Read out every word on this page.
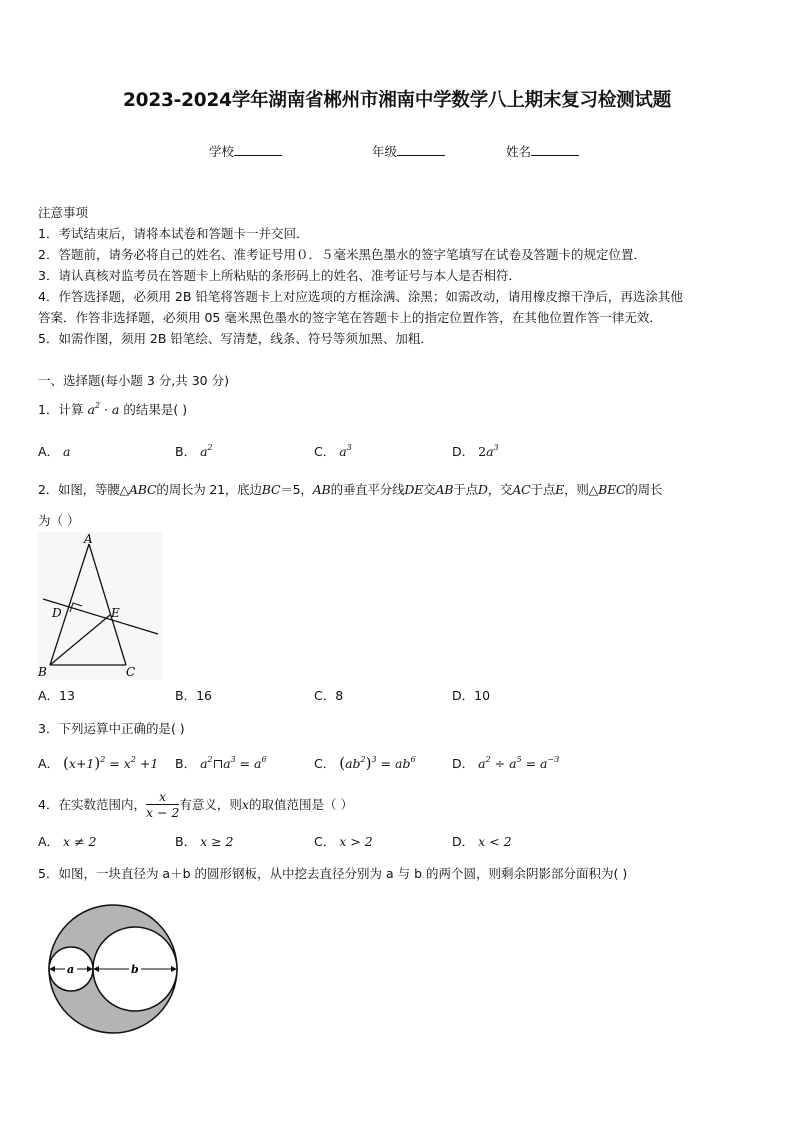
2023-2024学年湖南省郴州市湘南中学数学八上期末复习检测试题
学校	年级	姓名
注意事项
1．考试结束后，请将本试卷和答题卡一并交回．
2．答题前，请务必将自己的姓名、准考证号用０．５毫米黑色墨水的签字笔填写在试卷及答题卡的规定位置．
3．请认真核对监考员在答题卡上所粘贴的条形码上的姓名、准考证号与本人是否相符．
4．作答选择题，必须用 2B 铅笔将答题卡上对应选项的方框涂满、涂黑；如需改动，请用橡皮擦干净后，再选涂其他
答案．作答非选择题，必须用 05 毫米黑色墨水的签字笔在答题卡上的指定位置作答，在其他位置作答一律无效．
5．如需作图，须用 2B 铅笔绘、写清楚，线条、符号等须加黑、加粗．
一、选择题(每小题 3 分,共 30 分)
1．计算 $a^2 \cdot a$ 的结果是( )
A． a	B． $a^2$	C． $a^3$	D． $2a^3$
2．如图，等腰△ABC的周长为 21，底边BC＝5，AB的垂直平分线DE交AB于点D，交AC于点E，则△BEC的周长
为（ ）
A
D	E
B	C
A．13	B．16	C．8	D．10
3．下列运算中正确的是( )
A． $(x+1)^2 = x^2 +1$ B． $a^2⊓a^3 = a^6$	C． $(ab^2)^3 = ab^6$	D． $a^2 \div a^5 = a^{-3}$
4．在实数范围内， $\frac{x}{x - 2}$ 有意义，则 x 的取值范围是（ ）
A． x ≠ 2	B． x ≥ 2	C． x > 2	D． x < 2
5．如图，一块直径为 a＋b 的圆形钢板，从中挖去直径分别为 a 与 b 的两个圆，则剩余阴影部分面积为( )
a	b
